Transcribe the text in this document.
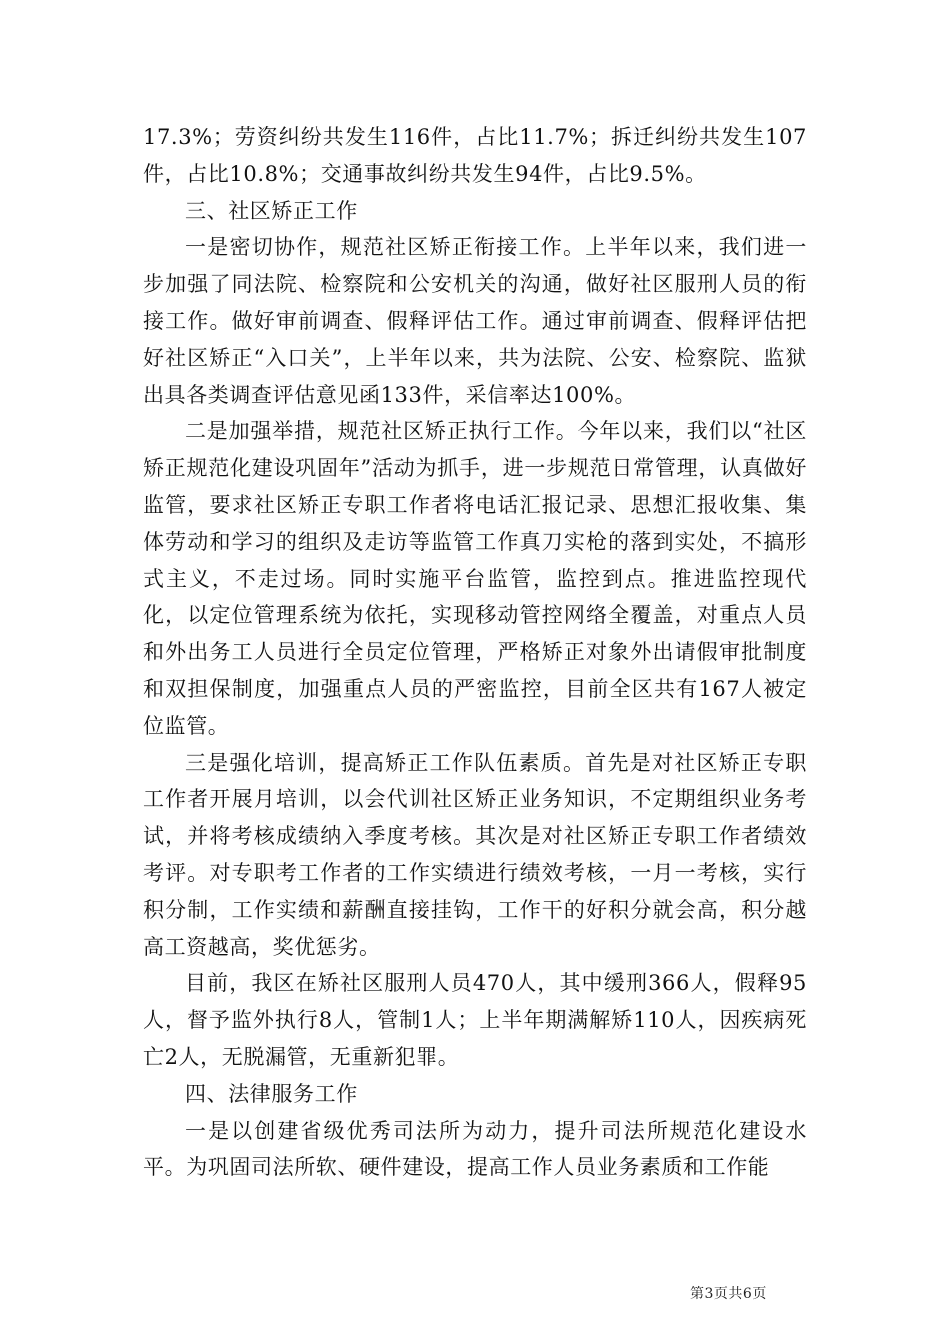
17.3%；劳资纠纷共发生116件，占比11.7%；拆迁纠纷共发生107件，占比10.8%；交通事故纠纷共发生94件，占比9.5%。

三、社区矫正工作

一是密切协作，规范社区矫正衔接工作。上半年以来，我们进一步加强了同法院、检察院和公安机关的沟通，做好社区服刑人员的衔接工作。做好审前调查、假释评估工作。通过审前调查、假释评估把好社区矫正“入口关”，上半年以来，共为法院、公安、检察院、监狱出具各类调查评估意见函133件，采信率达100%。

二是加强举措，规范社区矫正执行工作。今年以来，我们以“社区矫正规范化建设巩固年”活动为抓手，进一步规范日常管理，认真做好监管，要求社区矫正专职工作者将电话汇报记录、思想汇报收集、集体劳动和学习的组织及走访等监管工作真刀实枪的落到实处，不搞形式主义，不走过场。同时实施平台监管，监控到点。推进监控现代化，以定位管理系统为依托，实现移动管控网络全覆盖，对重点人员和外出务工人员进行全员定位管理，严格矫正对象外出请假审批制度和双担保制度，加强重点人员的严密监控，目前全区共有167人被定位监管。

三是强化培训，提高矫正工作队伍素质。首先是对社区矫正专职工作者开展月培训，以会代训社区矫正业务知识，不定期组织业务考试，并将考核成绩纳入季度考核。其次是对社区矫正专职工作者绩效考评。对专职考工作者的工作实绩进行绩效考核，一月一考核，实行积分制，工作实绩和薪酬直接挂钩，工作干的好积分就会高，积分越高工资越高，奖优惩劣。

目前，我区在矫社区服刑人员470人，其中缓刑366人，假释95人，督予监外执行8人，管制1人；上半年期满解矫110人，因疾病死亡2人，无脱漏管，无重新犯罪。

四、法律服务工作

一是以创建省级优秀司法所为动力，提升司法所规范化建设水平。为巩固司法所软、硬件建设，提高工作人员业务素质和工作能

第3页共6页
